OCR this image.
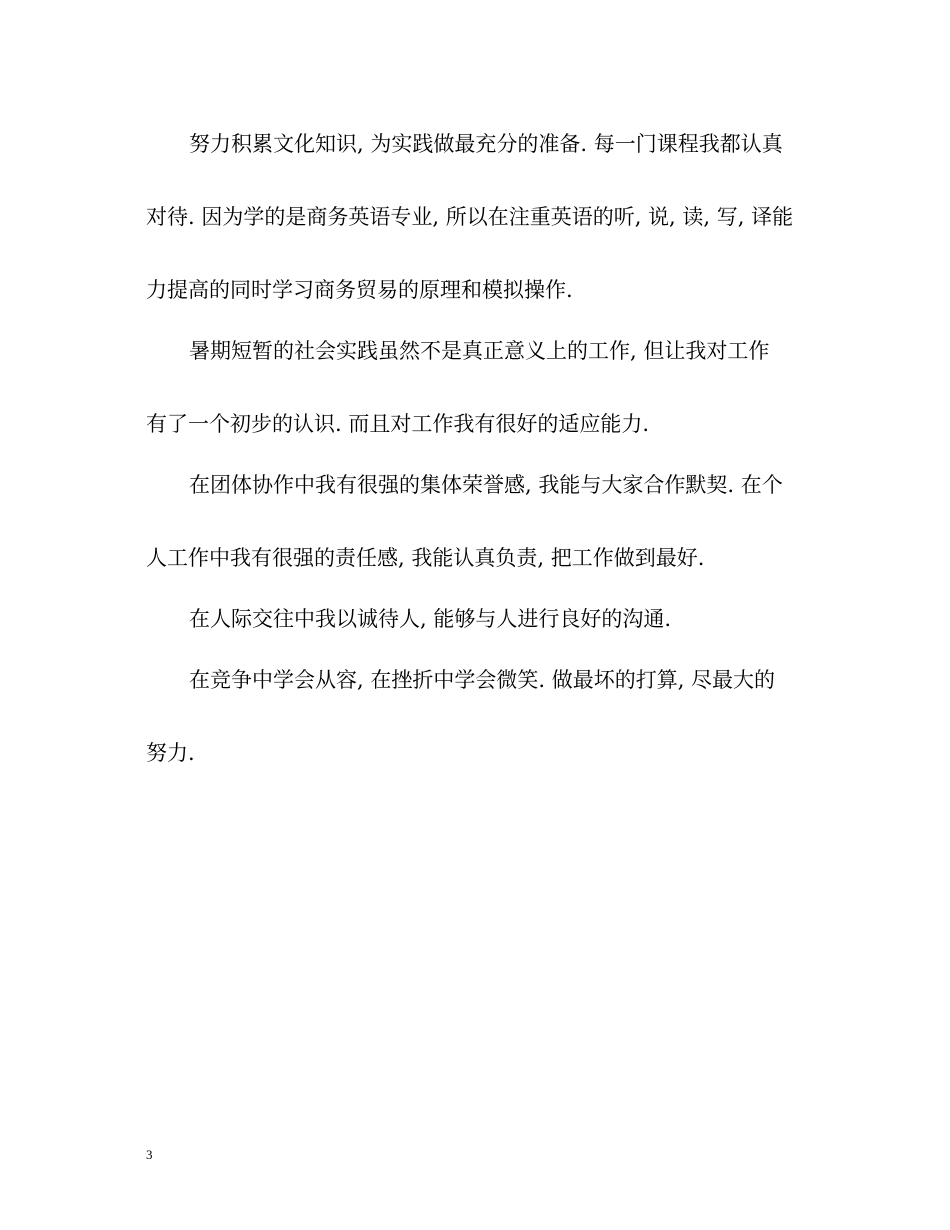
努力积累文化知识, 为实践做最充分的准备. 每一门课程我都认真

对待. 因为学的是商务英语专业, 所以在注重英语的听, 说, 读, 写, 译能

力提高的同时学习商务贸易的原理和模拟操作.

暑期短暂的社会实践虽然不是真正意义上的工作, 但让我对工作

有了一个初步的认识. 而且对工作我有很好的适应能力.

在团体协作中我有很强的集体荣誉感, 我能与大家合作默契. 在个

人工作中我有很强的责任感, 我能认真负责, 把工作做到最好.

在人际交往中我以诚待人, 能够与人进行良好的沟通.

在竞争中学会从容, 在挫折中学会微笑. 做最坏的打算, 尽最大的

努力.

3
